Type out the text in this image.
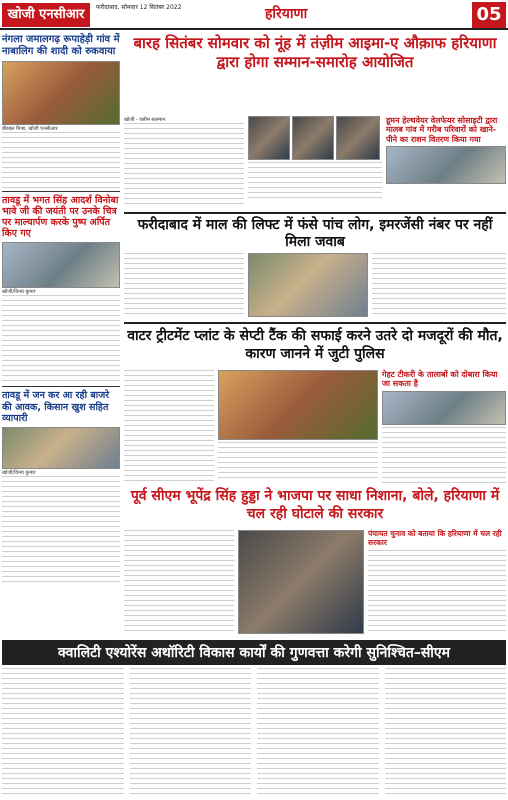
खोजी एनसीआर	फरीदाबाद, सोमवार 12 सितंबर 2022
	हरियाणा	05
नंगला जमालगढ़ रूपाहेड़ी गांव में नाबालिग की शादी को रुकवाया
बीरबल मिश्रा, खोजी एनसीआर
तावडू में भगत सिंह आदर्श विनोबा भावे जी की जयंती पर उनके चित्र पर माल्यार्पण करके पुष्प अर्पित किए गए
खोजी/विनय कुमार
तावडू में जन कर आ रही बाजरे की आवक, किसान खुश सहित व्यापारी
खोजी/विनय कुमार
बारह सितंबर सोमवार को नूंह में तंज़ीम आइमा-ए औक़ाफ हरियाणा द्वारा होगा सम्मान-समारोह आयोजित
खोजी - वसीम सलमान	डूमन हेल्थवेयर वेलफेयर सोसाइटी द्वारा मालब गांव में गरीब परिवारों को खाने-पीने का राशन वितरण किया गया
फरीदाबाद में माल की लिफ्ट में फंसे पांच लोग, इमरजेंसी नंबर पर नहीं मिला जवाब
वाटर ट्रीटमेंट प्लांट के सेप्टी टैंक की सफाई करने उतरे दो मजदूरों की मौत, कारण जानने में जुटी पुलिस
गेहट टीकरी के तालाबों को दोबारा किया जा सकता है
पूर्व सीएम भूपेंद्र सिंह हुड्डा ने भाजपा पर साधा निशाना, बोले, हरियाणा में चल रही घोटाले की सरकार
पंचायत चुनाव को बताया कि हरियाणा में चल रही सरकार
क्वालिटी एश्योरेंस अथॉरिटी विकास कार्यों की गुणवत्ता करेगी सुनिश्चित–सीएम
